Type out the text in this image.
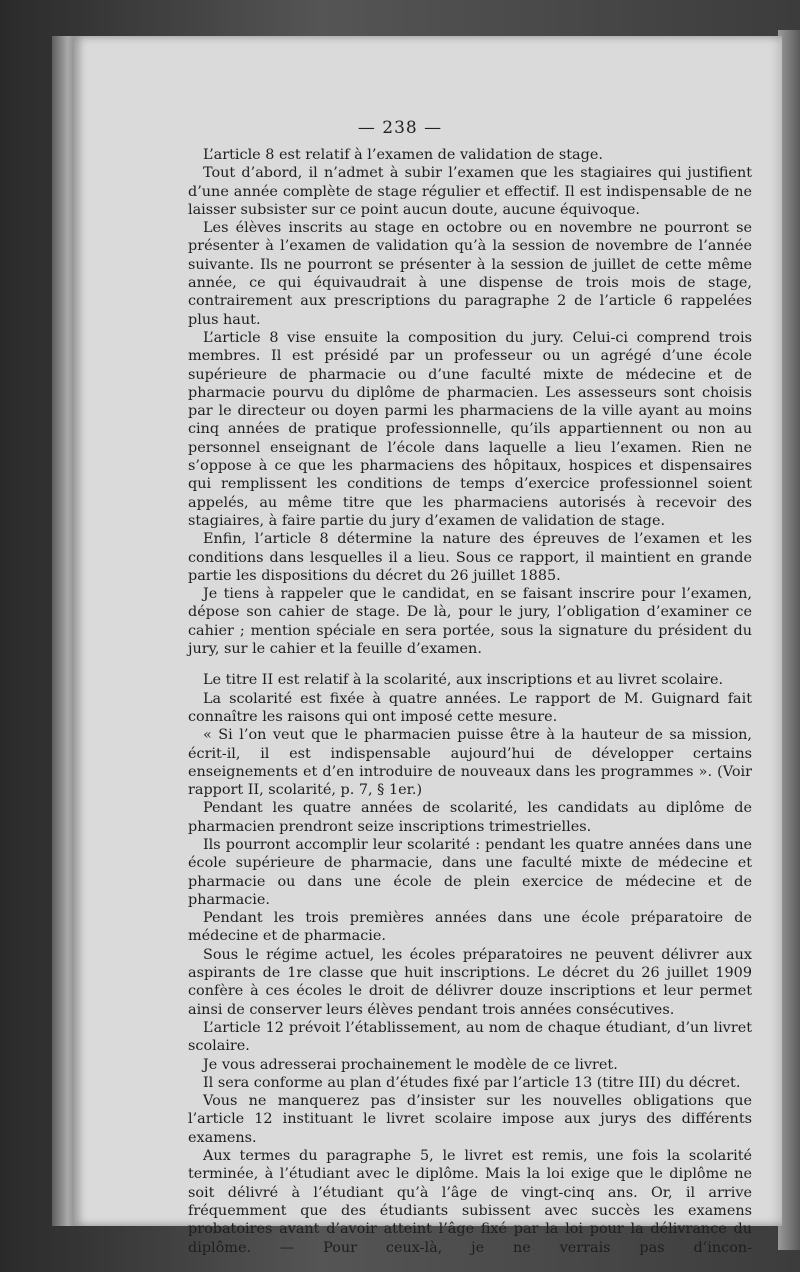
— 238 —

L’article 8 est relatif à l’examen de validation de stage.

Tout d’abord, il n’admet à subir l’examen que les stagiaires qui justifient d’une année complète de stage régulier et effectif. Il est indispensable de ne laisser subsister sur ce point aucun doute, aucune équivoque.

Les élèves inscrits au stage en octobre ou en novembre ne pourront se présenter à l’examen de validation qu’à la session de novembre de l’année suivante. Ils ne pourront se présenter à la session de juillet de cette même année, ce qui équivaudrait à une dispense de trois mois de stage, contrairement aux prescriptions du paragraphe 2 de l’article 6 rappelées plus haut.

L’article 8 vise ensuite la composition du jury. Celui-ci comprend trois membres. Il est présidé par un professeur ou un agrégé d’une école supérieure de pharmacie ou d’une faculté mixte de médecine et de pharmacie pourvu du diplôme de pharmacien. Les assesseurs sont choisis par le directeur ou doyen parmi les pharmaciens de la ville ayant au moins cinq années de pratique professionnelle, qu’ils appartiennent ou non au personnel enseignant de l’école dans laquelle a lieu l’examen. Rien ne s’oppose à ce que les pharmaciens des hôpitaux, hospices et dispensaires qui remplissent les conditions de temps d’exercice professionnel soient appelés, au même titre que les pharmaciens autorisés à recevoir des stagiaires, à faire partie du jury d’examen de validation de stage.

Enfin, l’article 8 détermine la nature des épreuves de l’examen et les conditions dans lesquelles il a lieu. Sous ce rapport, il maintient en grande partie les dispositions du décret du 26 juillet 1885.

Je tiens à rappeler que le candidat, en se faisant inscrire pour l’examen, dépose son cahier de stage. De là, pour le jury, l’obligation d’examiner ce cahier ; mention spéciale en sera portée, sous la signature du président du jury, sur le cahier et la feuille d’examen.

Le titre II est relatif à la scolarité, aux inscriptions et au livret scolaire.

La scolarité est fixée à quatre années. Le rapport de M. Guignard fait connaître les raisons qui ont imposé cette mesure.

« Si l’on veut que le pharmacien puisse être à la hauteur de sa mission, écrit-il, il est indispensable aujourd’hui de développer certains enseignements et d’en introduire de nouveaux dans les programmes ». (Voir rapport II, scolarité, p. 7, § 1er.)

Pendant les quatre années de scolarité, les candidats au diplôme de pharmacien prendront seize inscriptions trimestrielles.

Ils pourront accomplir leur scolarité : pendant les quatre années dans une école supérieure de pharmacie, dans une faculté mixte de médecine et pharmacie ou dans une école de plein exercice de médecine et de pharmacie.

Pendant les trois premières années dans une école préparatoire de médecine et de pharmacie.

Sous le régime actuel, les écoles préparatoires ne peuvent délivrer aux aspirants de 1re classe que huit inscriptions. Le décret du 26 juillet 1909 confère à ces écoles le droit de délivrer douze inscriptions et leur permet ainsi de conserver leurs élèves pendant trois années consécutives.

L’article 12 prévoit l’établissement, au nom de chaque étudiant, d’un livret scolaire.

Je vous adresserai prochainement le modèle de ce livret.

Il sera conforme au plan d’études fixé par l’article 13 (titre III) du décret.

Vous ne manquerez pas d’insister sur les nouvelles obligations que l’article 12 instituant le livret scolaire impose aux jurys des différents examens.

Aux termes du paragraphe 5, le livret est remis, une fois la scolarité terminée, à l’étudiant avec le diplôme. Mais la loi exige que le diplôme ne soit délivré à l’étudiant qu’à l’âge de vingt-cinq ans. Or, il arrive fréquemment que des étudiants subissent avec succès les examens probatoires avant d’avoir atteint l’âge fixé par la loi pour la délivrance du diplôme. — Pour ceux-là, je ne verrais pas d’incon-
